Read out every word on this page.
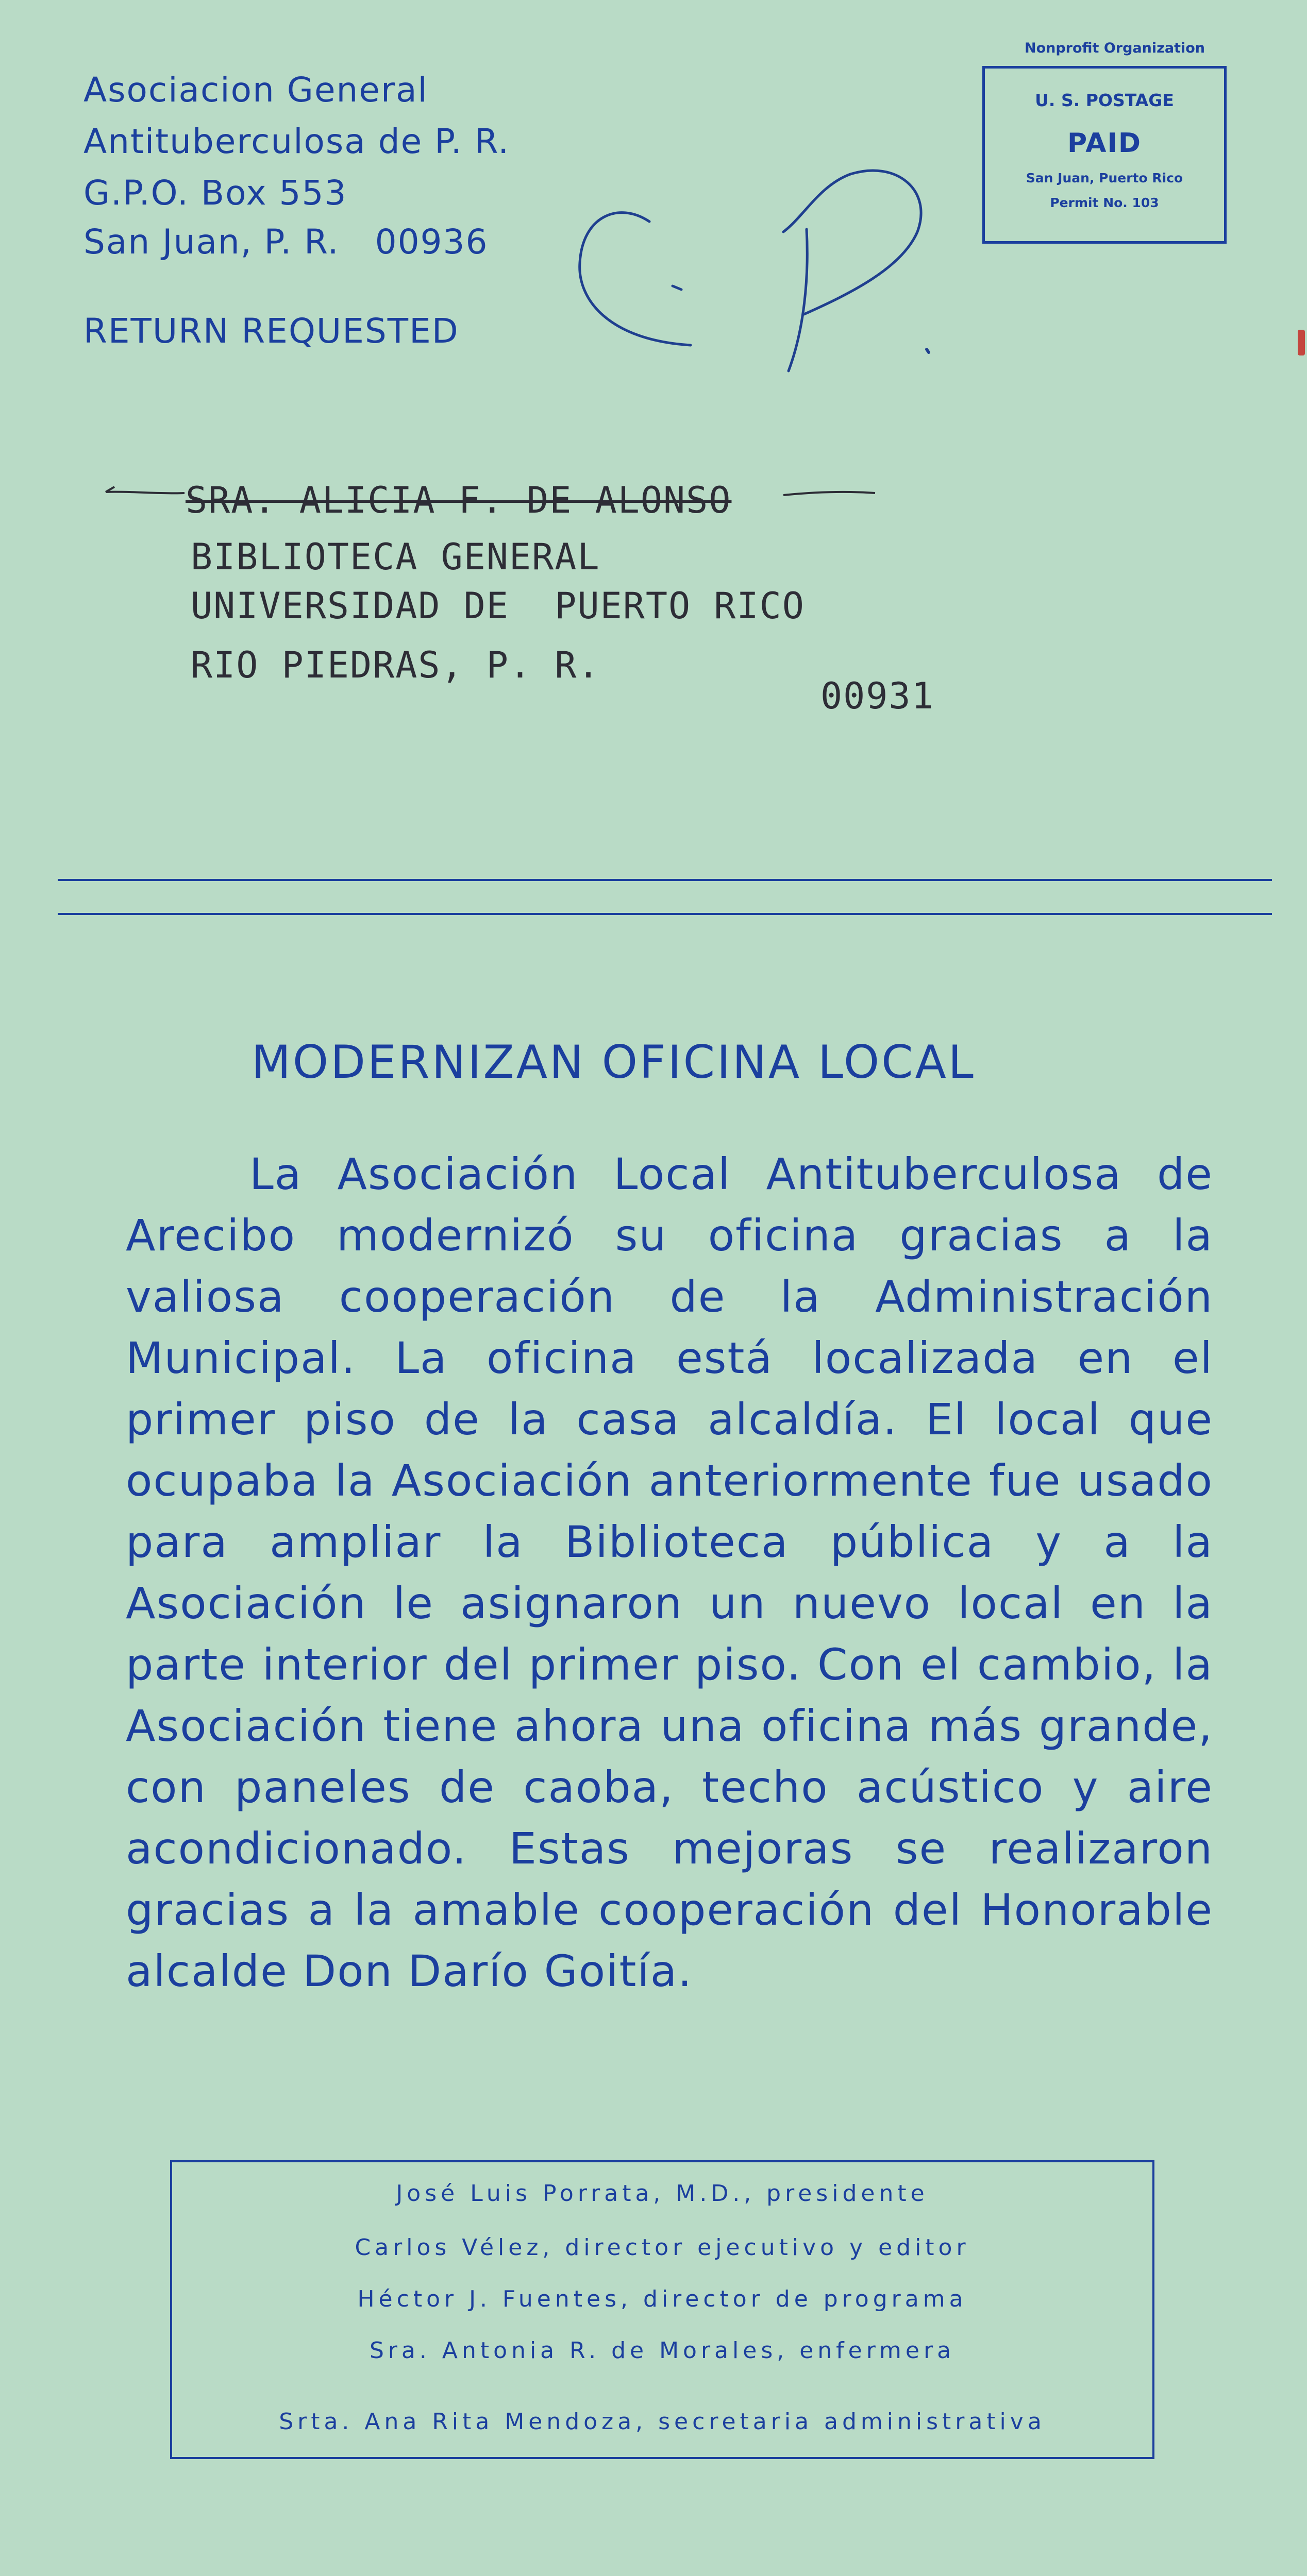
Asociacion General

Antituberculosa de P. R.

G.P.O. Box 553

San Juan, P. R.   00936

RETURN REQUESTED

Nonprofit Organization

U. S. POSTAGE
PAID
San Juan, Puerto Rico
Permit No. 103

SRA. ALICIA F. DE ALONSO

BIBLIOTECA GENERAL

UNIVERSIDAD DE  PUERTO RICO

RIO PIEDRAS, P. R.

00931

MODERNIZAN OFICINA LOCAL

La Asociación Local Antituberculosa de Arecibo modernizó su oficina gracias a la valiosa cooperación de la Administración Municipal. La oficina está localizada en el primer piso de la casa alcaldía. El local que ocupaba la Asociación anteriormente fue usado para ampliar la Biblioteca pública y a la Asociación le asignaron un nuevo local en la parte interior del primer piso. Con el cambio, la Asociación tiene ahora una oficina más grande, con paneles de caoba, techo acústico y aire acondicionado. Estas mejoras se realizaron gracias a la amable cooperación del Honorable alcalde Don Darío Goitía.

José Luis Porrata, M.D., presidente
Carlos Vélez, director ejecutivo y editor
Héctor J. Fuentes, director de programa
Sra. Antonia R. de Morales, enfermera
Srta. Ana Rita Mendoza, secretaria administrativa
